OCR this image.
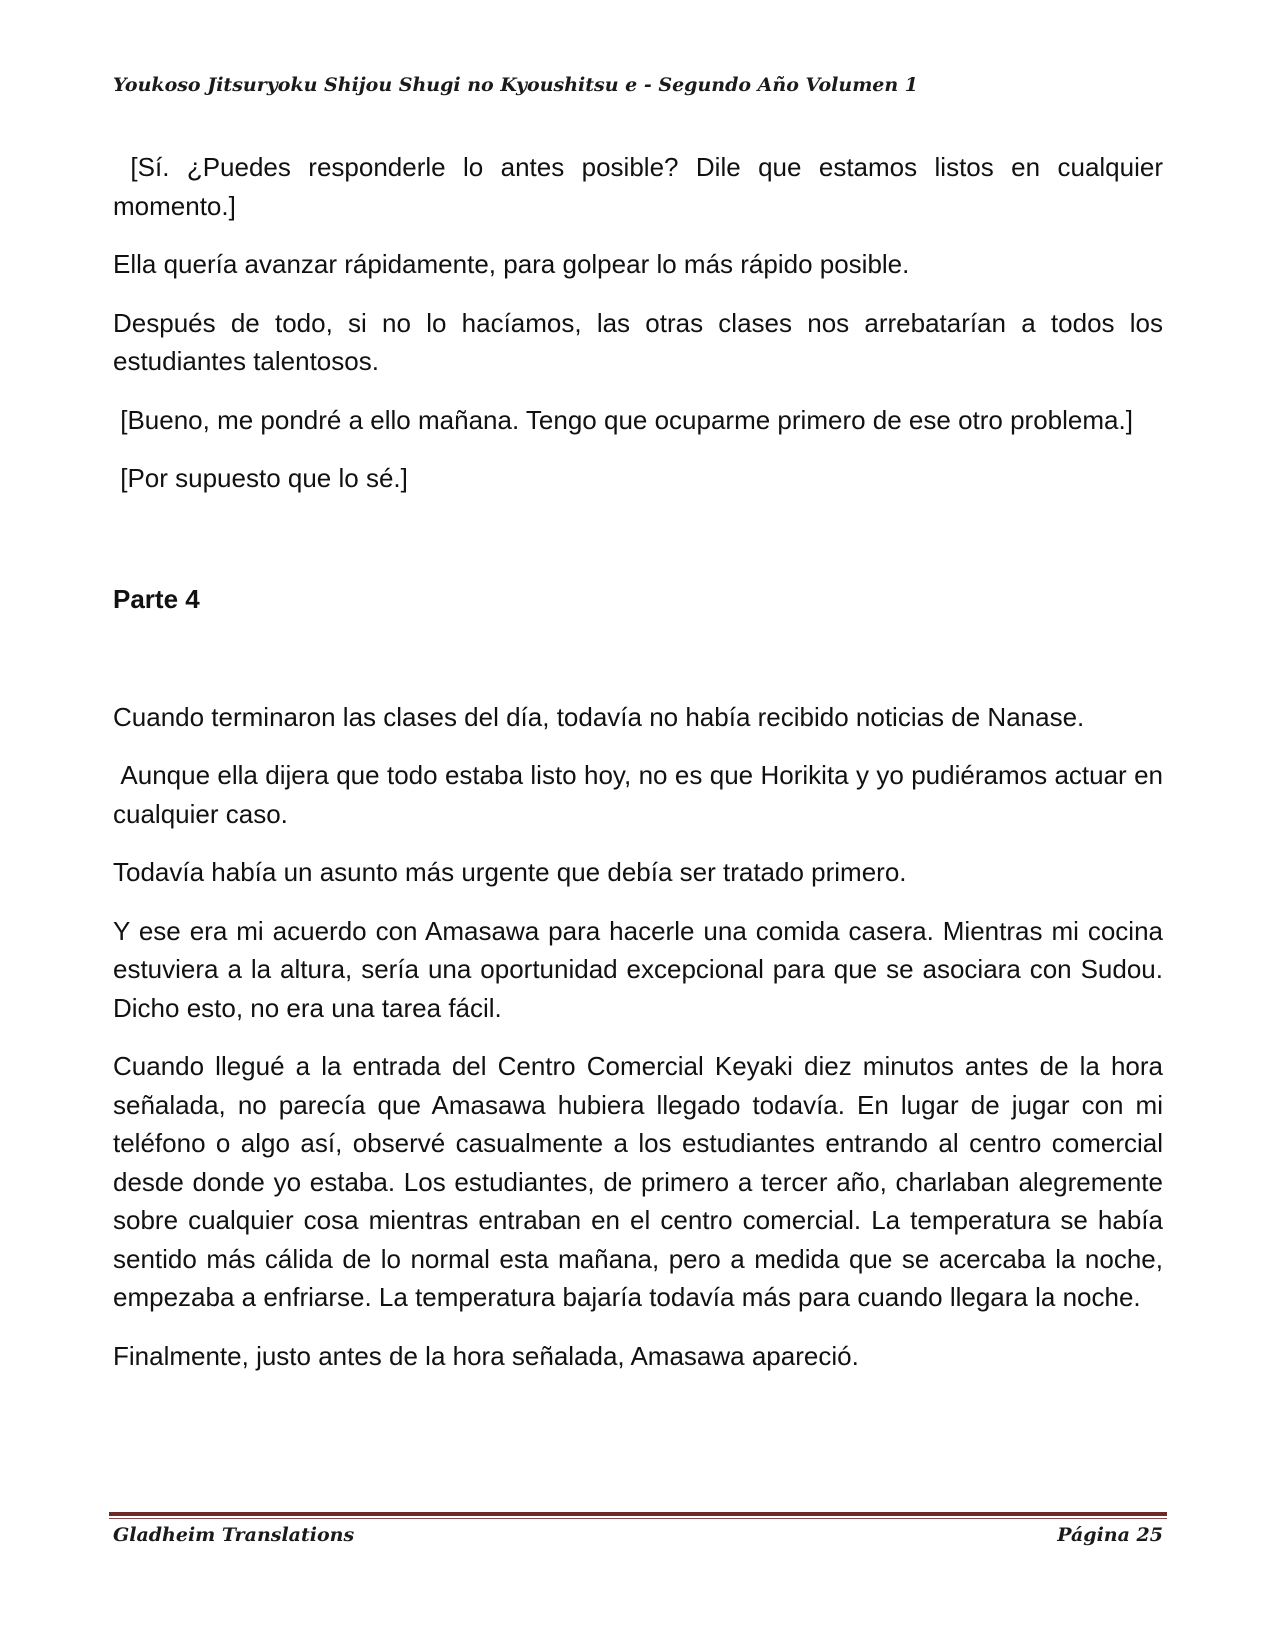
Youkoso Jitsuryoku Shijou Shugi no Kyoushitsu e - Segundo Año Volumen 1

[Sí. ¿Puedes responderle lo antes posible? Dile que estamos listos en cualquier momento.]

Ella quería avanzar rápidamente, para golpear lo más rápido posible.

Después de todo, si no lo hacíamos, las otras clases nos arrebatarían a todos los estudiantes talentosos.

[Bueno, me pondré a ello mañana. Tengo que ocuparme primero de ese otro problema.]

[Por supuesto que lo sé.]

Parte 4

Cuando terminaron las clases del día, todavía no había recibido noticias de Nanase.

Aunque ella dijera que todo estaba listo hoy, no es que Horikita y yo pudiéramos actuar en cualquier caso.

Todavía había un asunto más urgente que debía ser tratado primero.

Y ese era mi acuerdo con Amasawa para hacerle una comida casera. Mientras mi cocina estuviera a la altura, sería una oportunidad excepcional para que se asociara con Sudou. Dicho esto, no era una tarea fácil.

Cuando llegué a la entrada del Centro Comercial Keyaki diez minutos antes de la hora señalada, no parecía que Amasawa hubiera llegado todavía. En lugar de jugar con mi teléfono o algo así, observé casualmente a los estudiantes entrando al centro comercial desde donde yo estaba. Los estudiantes, de primero a tercer año, charlaban alegremente sobre cualquier cosa mientras entraban en el centro comercial. La temperatura se había sentido más cálida de lo normal esta mañana, pero a medida que se acercaba la noche, empezaba a enfriarse. La temperatura bajaría todavía más para cuando llegara la noche.

Finalmente, justo antes de la hora señalada, Amasawa apareció.

Gladheim Translations	Página 25
